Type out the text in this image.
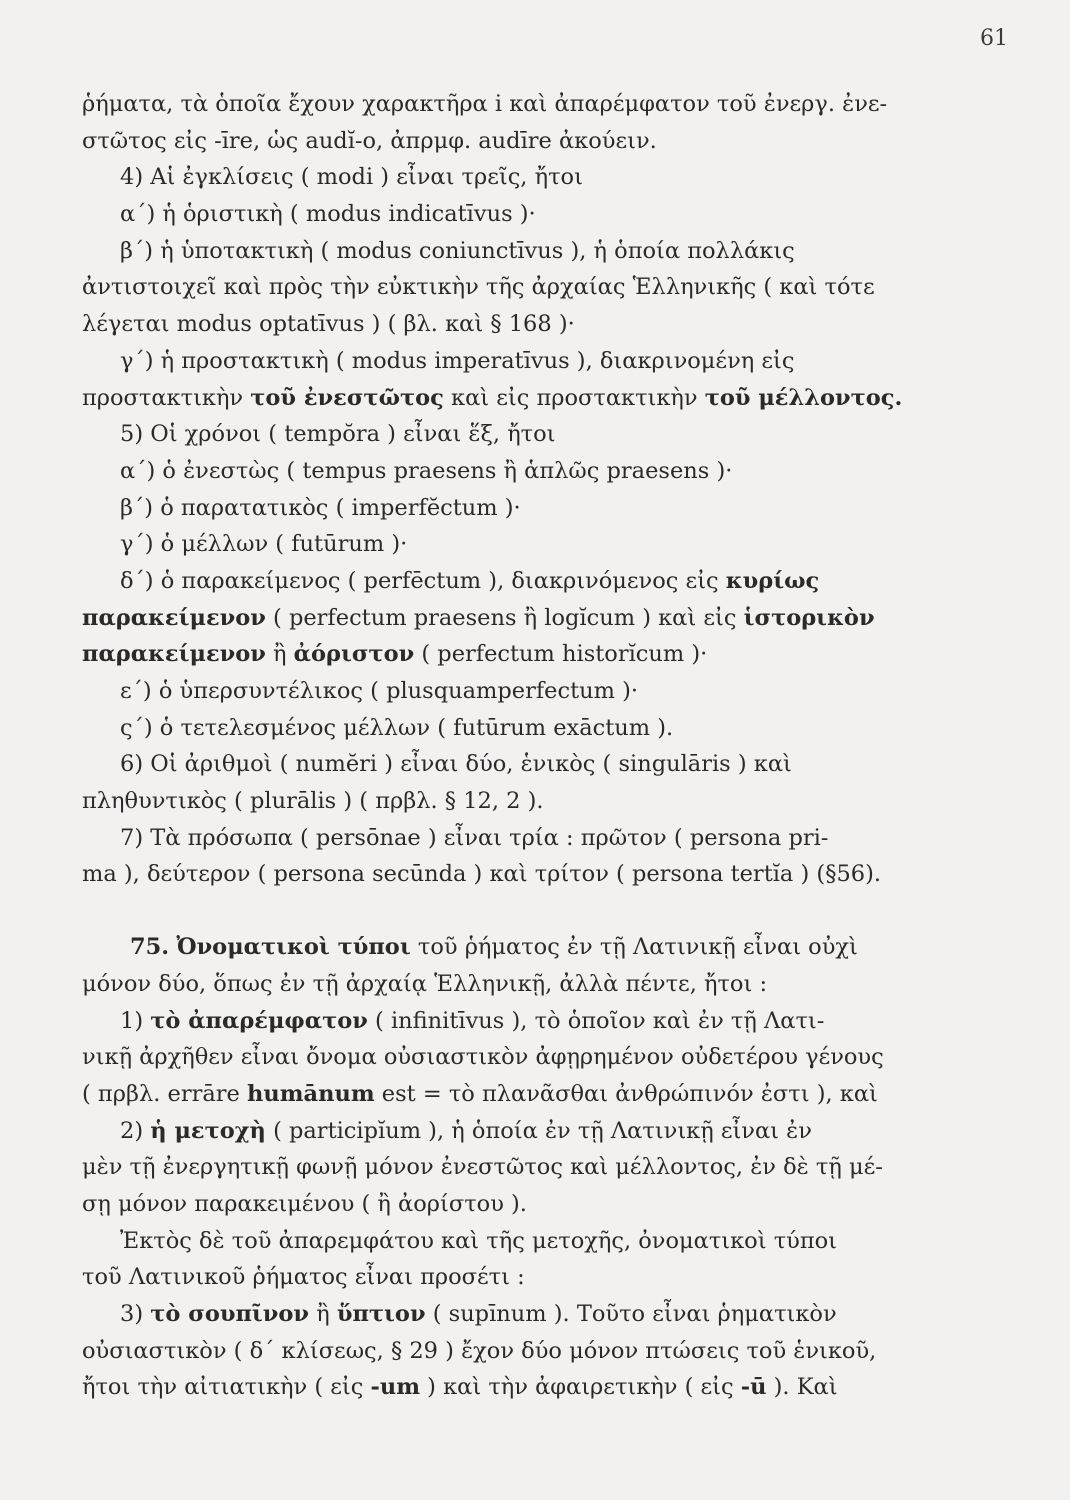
61
ῥήματα, τὰ ὁποῖα ἔχουν χαρακτῆρα i καὶ ἀπαρέμφατον τοῦ ἐνεργ. ἐνε-
στῶτος εἰς -īre, ὡς audĭ-o, ἀπρμφ. audīre ἀκούειν.
4) Αἱ ἐγκλίσεις ( modi ) εἶναι τρεῖς, ἤτοι
α΄) ἡ ὁριστικὴ ( modus indicatīvus )·
β΄) ἡ ὑποτακτικὴ ( modus coniunctīvus ), ἡ ὁποία πολλάκις
ἀντιστοιχεῖ καὶ πρὸς τὴν εὐκτικὴν τῆς ἀρχαίας Ἑλληνικῆς ( καὶ τότε
λέγεται modus optatīvus ) ( βλ. καὶ § 168 )·
γ΄) ἡ προστακτικὴ ( modus imperatīvus ), διακρινομένη εἰς
προστακτικὴν τοῦ ἐνεστῶτος καὶ εἰς προστακτικὴν τοῦ μέλλοντος.
5) Οἱ χρόνοι ( tempŏra ) εἶναι ἕξ, ἤτοι
α΄) ὁ ἐνεστὼς ( tempus praesens ἢ ἁπλῶς praesens )·
β΄) ὁ παρατατικὸς ( imperfĕctum )·
γ΄) ὁ μέλλων ( futūrum )·
δ΄) ὁ παρακείμενος ( perfēctum ), διακρινόμενος εἰς κυρίως
παρακείμενον ( perfectum praesens ἢ logĭcum ) καὶ εἰς ἱστορικὸν
παρακείμενον ἢ ἀόριστον ( perfectum historĭcum )·
ε΄) ὁ ὑπερσυντέλικος ( plusquamperfectum )·
ς΄) ὁ τετελεσμένος μέλλων ( futūrum exāctum ).
6) Οἱ ἀριθμοὶ ( numĕri ) εἶναι δύο, ἑνικὸς ( singulāris ) καὶ
πληθυντικὸς ( plurālis ) ( πρβλ. § 12, 2 ).
7) Τὰ πρόσωπα ( persōnae ) εἶναι τρία : πρῶτον ( persona pri-
ma ), δεύτερον ( persona secūnda ) καὶ τρίτον ( persona tertĭa ) (§56).
75. Ὀνοματικοὶ τύποι τοῦ ῥήματος ἐν τῇ Λατινικῇ εἶναι οὐχὶ
μόνον δύο, ὅπως ἐν τῇ ἀρχαίᾳ Ἑλληνικῇ, ἀλλὰ πέντε, ἤτοι :
1) τὸ ἀπαρέμφατον ( infinitīvus ), τὸ ὁποῖον καὶ ἐν τῇ Λατι-
νικῇ ἀρχῆθεν εἶναι ὄνομα οὐσιαστικὸν ἀφῃρημένον οὐδετέρου γένους
( πρβλ. errāre humānum est = τὸ πλανᾶσθαι ἀνθρώπινόν ἐστι ), καὶ
2) ἡ μετοχὴ ( participĭum ), ἡ ὁποία ἐν τῇ Λατινικῇ εἶναι ἐν
μὲν τῇ ἐνεργητικῇ φωνῇ μόνον ἐνεστῶτος καὶ μέλλοντος, ἐν δὲ τῇ μέ-
σῃ μόνον παρακειμένου ( ἢ ἀορίστου ).
Ἐκτὸς δὲ τοῦ ἀπαρεμφάτου καὶ τῆς μετοχῆς, ὀνοματικοὶ τύποι
τοῦ Λατινικοῦ ῥήματος εἶναι προσέτι :
3) τὸ σουπῖνον ἢ ὕπτιον ( supīnum ). Τοῦτο εἶναι ῥηματικὸν
οὐσιαστικὸν ( δ΄ κλίσεως, § 29 ) ἔχον δύο μόνον πτώσεις τοῦ ἑνικοῦ,
ἤτοι τὴν αἰτιατικὴν ( εἰς -um ) καὶ τὴν ἀφαιρετικὴν ( εἰς -ū ). Καὶ
